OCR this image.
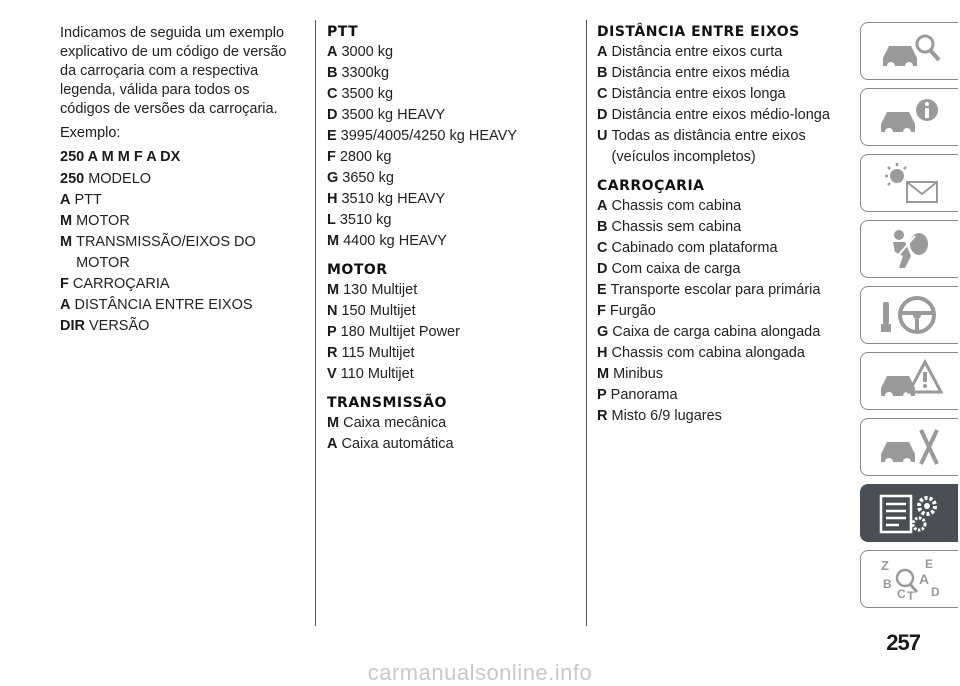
Indicamos de seguida um exemplo explicativo de um código de versão da carroçaria com a respectiva legenda, válida para todos os códigos de versões da carroçaria.

Exemplo:
250 A M M F A DX
250 MODELO
A PTT
M MOTOR
M TRANSMISSÃO/EIXOS DO MOTOR
F CARROÇARIA
A DISTÂNCIA ENTRE EIXOS
DIR VERSÃO
PTT
A 3000 kg
B 3300kg
C 3500 kg
D 3500 kg HEAVY
E 3995/4005/4250 kg HEAVY
F 2800 kg
G 3650 kg
H 3510 kg HEAVY
L 3510 kg
M 4400 kg HEAVY
MOTOR
M 130 Multijet
N 150 Multijet
P 180 Multijet Power
R 115 Multijet
V 110 Multijet
TRANSMISSÃO
M Caixa mecânica
A Caixa automática
DISTÂNCIA ENTRE EIXOS
A Distância entre eixos curta
B Distância entre eixos média
C Distância entre eixos longa
D Distância entre eixos médio-longa
U Todas as distância entre eixos (veículos incompletos)
CARROÇARIA
A Chassis com cabina
B Chassis sem cabina
C Cabinado com plataforma
D Com caixa de carga
E Transporte escolar para primária
F Furgão
G Caixa de carga cabina alongada
H Chassis com cabina alongada
M Minibus
P Panorama
R Misto 6/9 lugares
Z	E
A
B
C T D
257
carmanualsonline.info
